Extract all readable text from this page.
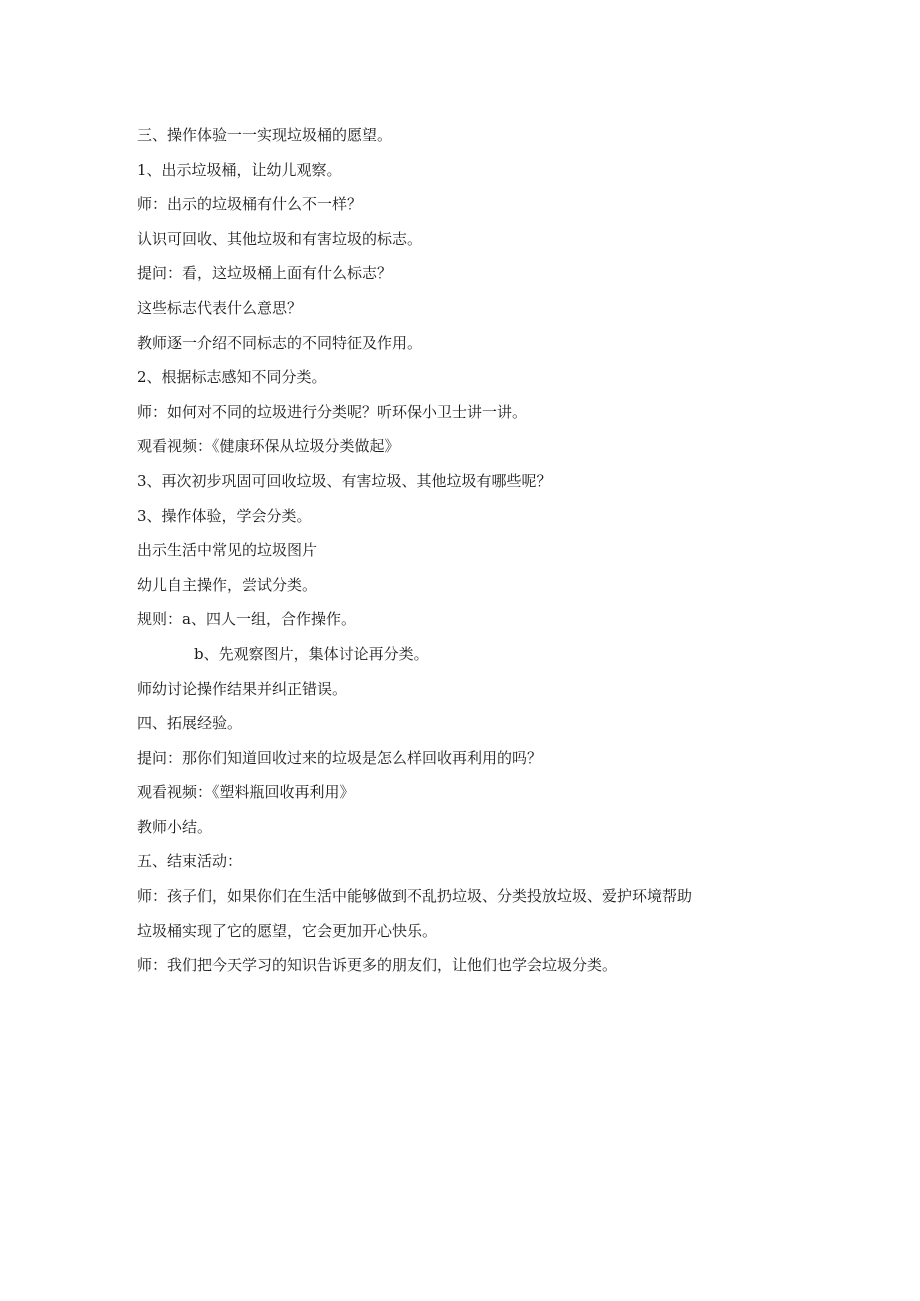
三、操作体验一一实现垃圾桶的愿望。
1、出示垃圾桶，让幼儿观察。
师：出示的垃圾桶有什么不一样？
认识可回收、其他垃圾和有害垃圾的标志。
提问：看，这垃圾桶上面有什么标志？
这些标志代表什么意思？
教师逐一介绍不同标志的不同特征及作用。
2、根据标志感知不同分类。
师：如何对不同的垃圾进行分类呢？听环保小卫士讲一讲。
观看视频：《健康环保从垃圾分类做起》
3、再次初步巩固可回收垃圾、有害垃圾、其他垃圾有哪些呢？
3、操作体验，学会分类。
出示生活中常见的垃圾图片
幼儿自主操作，尝试分类。
规则：a、四人一组，合作操作。
b、先观察图片，集体讨论再分类。
师幼讨论操作结果并纠正错误。
四、拓展经验。
提问：那你们知道回收过来的垃圾是怎么样回收再利用的吗？
观看视频：《塑料瓶回收再利用》
教师小结。
五、结束活动：
师：孩子们，如果你们在生活中能够做到不乱扔垃圾、分类投放垃圾、爱护环境帮助
垃圾桶实现了它的愿望，它会更加开心快乐。
师：我们把今天学习的知识告诉更多的朋友们，让他们也学会垃圾分类。
